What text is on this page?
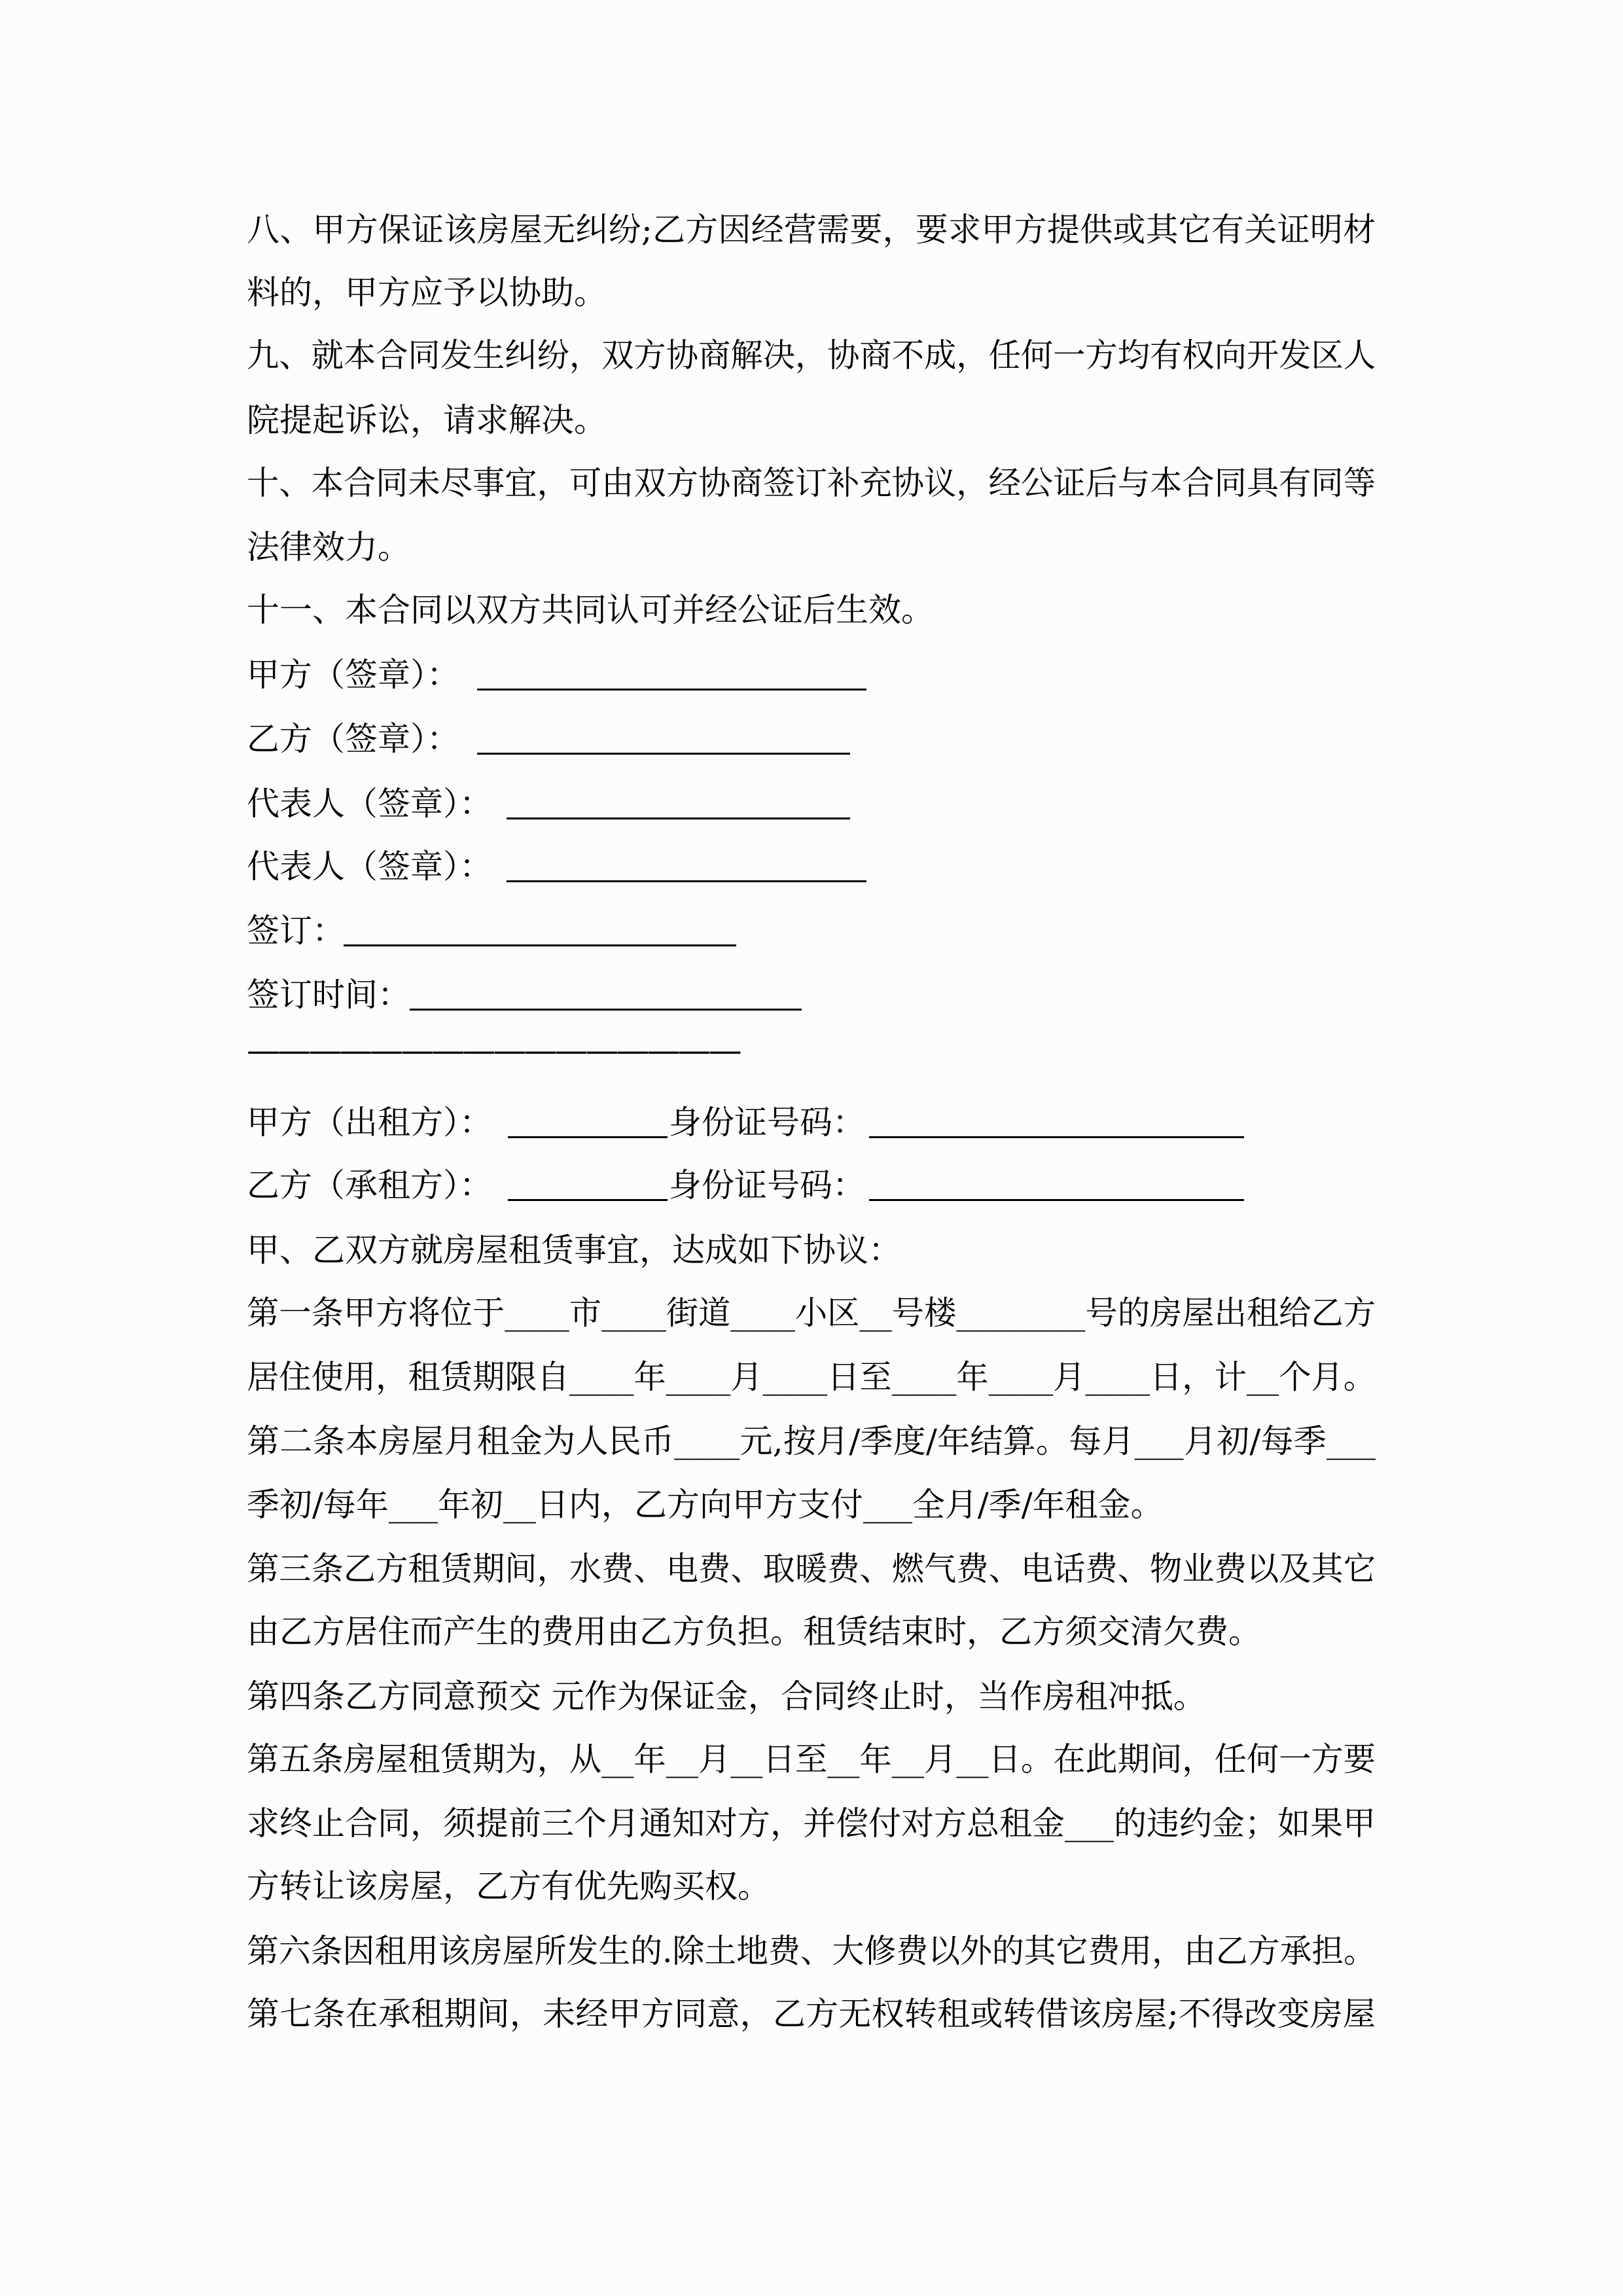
八、甲方保证该房屋无纠纷;乙方因经营需要，要求甲方提供或其它有关证明材
料的，甲方应予以协助。
九、就本合同发生纠纷，双方协商解决，协商不成，任何一方均有权向开发区人
院提起诉讼，请求解决。
十、本合同未尽事宜，可由双方协商签订补充协议，经公证后与本合同具有同等
法律效力。
十一、本合同以双方共同认可并经公证后生效。
甲方（签章）：
乙方（签章）：
代表人（签章）：
代表人（签章）：
签订：
签订时间：
————————————————
甲方（出租方）：	身份证号码：
乙方（承租方）：	身份证号码：
甲、乙双方就房屋租赁事宜，达成如下协议：
第一条甲方将位于____市____街道____小区__号楼________号的房屋出租给乙方
居住使用，租赁期限自____年____月____日至____年____月____日，计__个月。
第二条本房屋月租金为人民币____元,按月/季度/年结算。每月___月初/每季___
季初/每年___年初__日内，乙方向甲方支付___全月/季/年租金。
第三条乙方租赁期间，水费、电费、取暖费、燃气费、电话费、物业费以及其它
由乙方居住而产生的费用由乙方负担。租赁结束时，乙方须交清欠费。
第四条乙方同意预交 元作为保证金，合同终止时，当作房租冲抵。
第五条房屋租赁期为，从__年__月__日至__年__月__日。在此期间，任何一方要
求终止合同，须提前三个月通知对方，并偿付对方总租金___的违约金；如果甲
方转让该房屋，乙方有优先购买权。
第六条因租用该房屋所发生的.除土地费、大修费以外的其它费用，由乙方承担。
第七条在承租期间，未经甲方同意，乙方无权转租或转借该房屋;不得改变房屋
